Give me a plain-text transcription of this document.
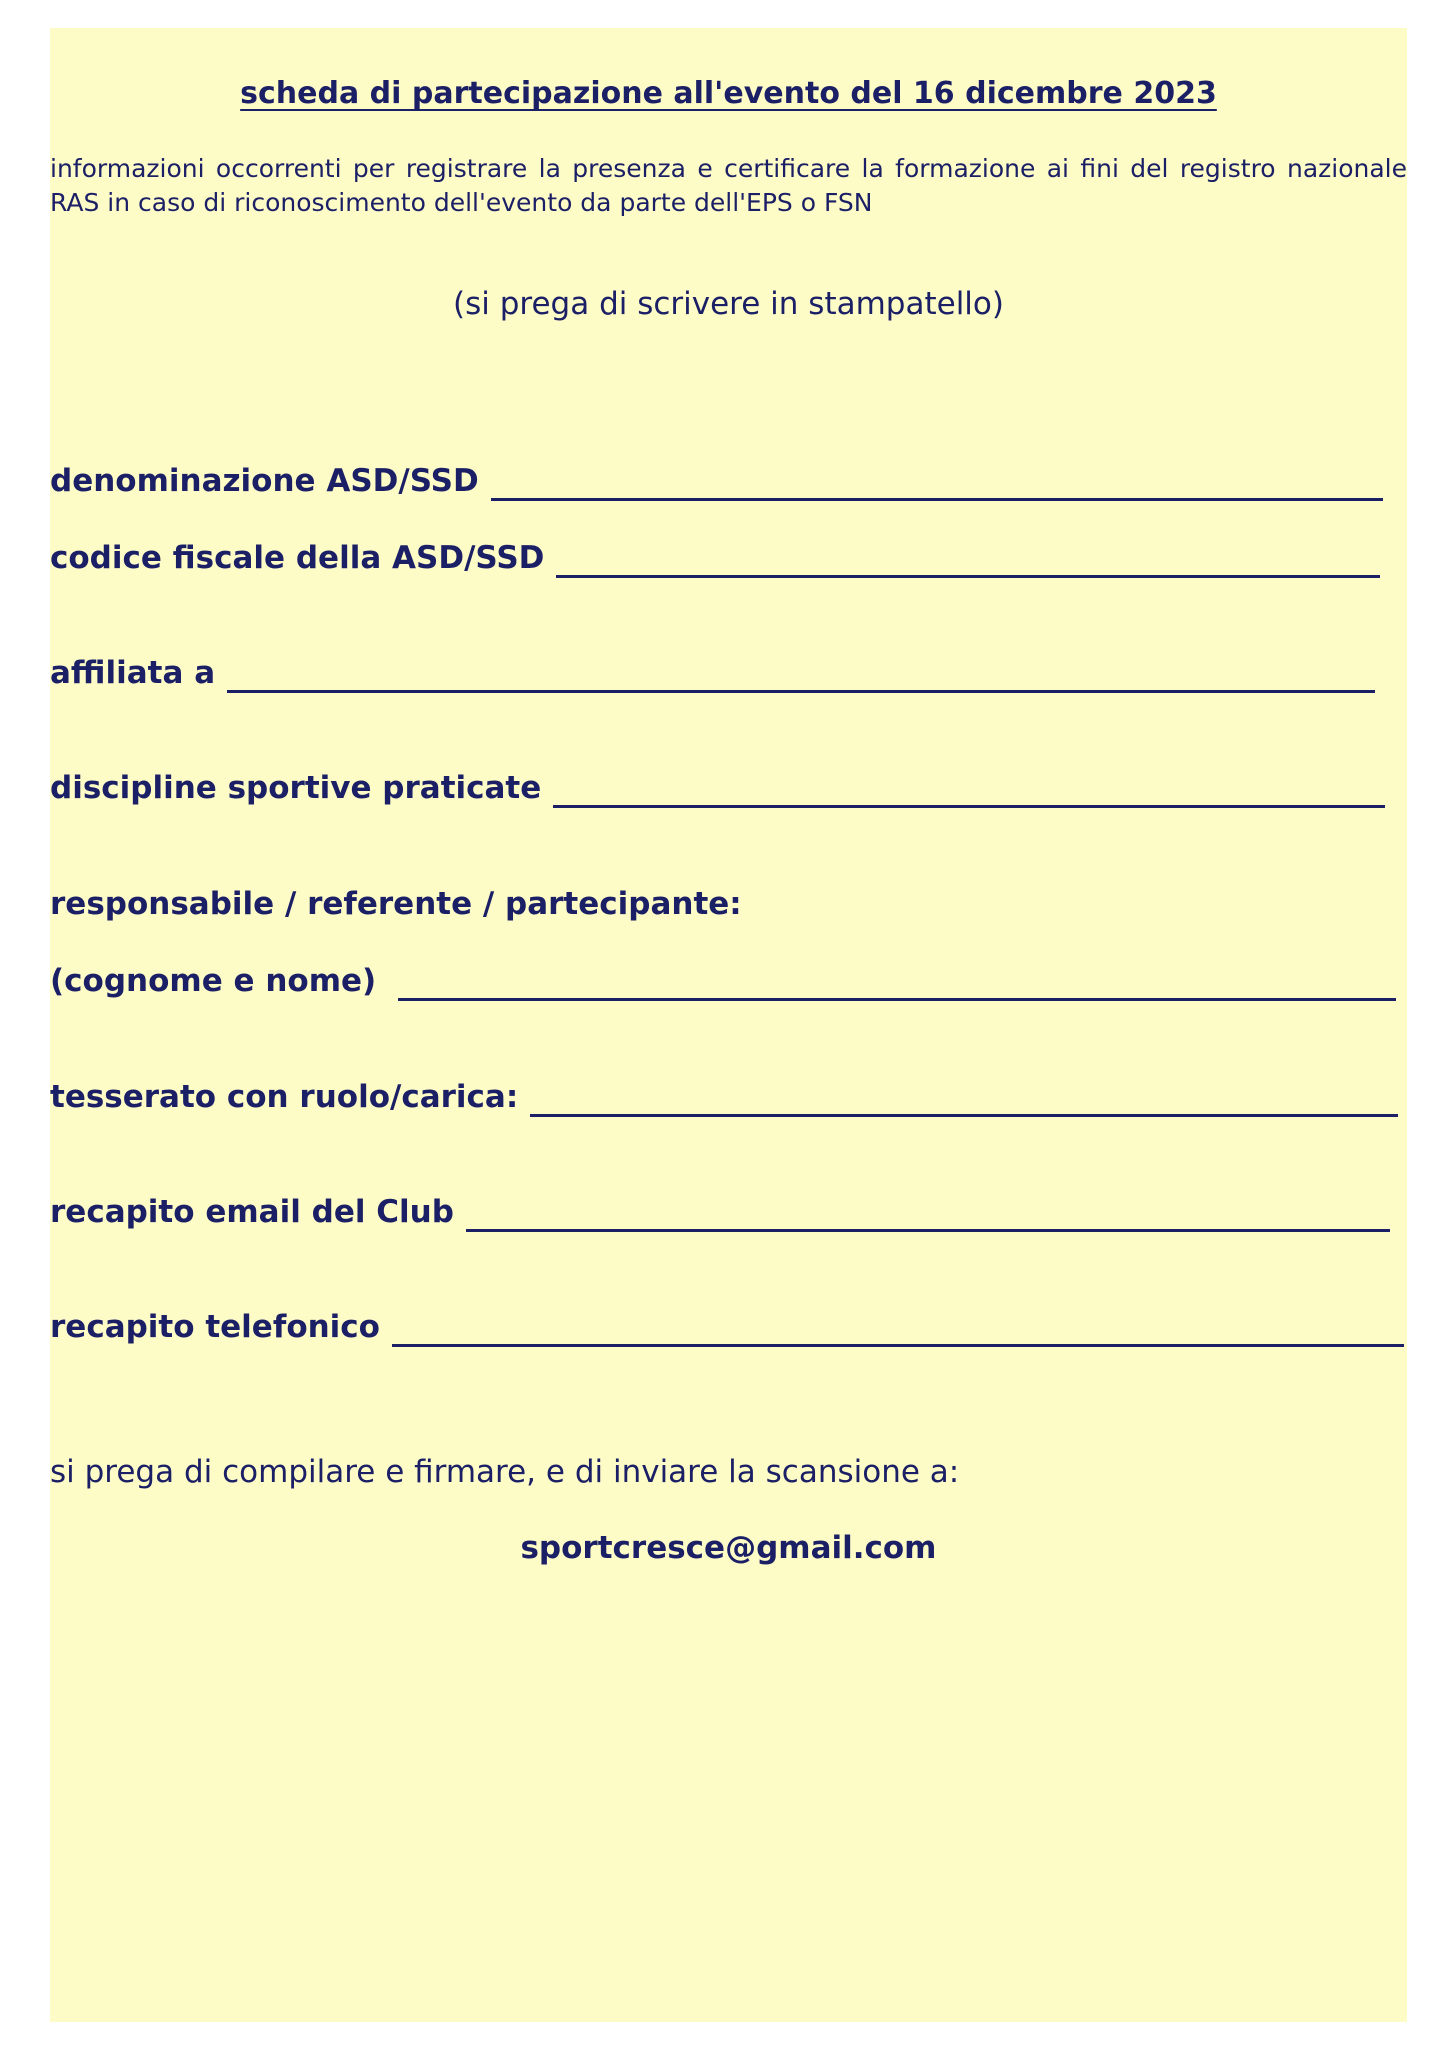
scheda di partecipazione all'evento del 16 dicembre 2023
informazioni occorrenti per registrare la presenza e certificare la formazione ai fini del registro nazionale RAS in caso di riconoscimento dell'evento da parte dell'EPS o FSN
(si prega di scrivere in stampatello)
denominazione ASD/SSD
codice fiscale della ASD/SSD
affiliata a
discipline sportive praticate
responsabile / referente / partecipante:
(cognome e nome)
tesserato con ruolo/carica:
recapito email del Club
recapito telefonico
si prega di compilare e firmare, e di inviare la scansione a:
sportcresce@gmail.com
